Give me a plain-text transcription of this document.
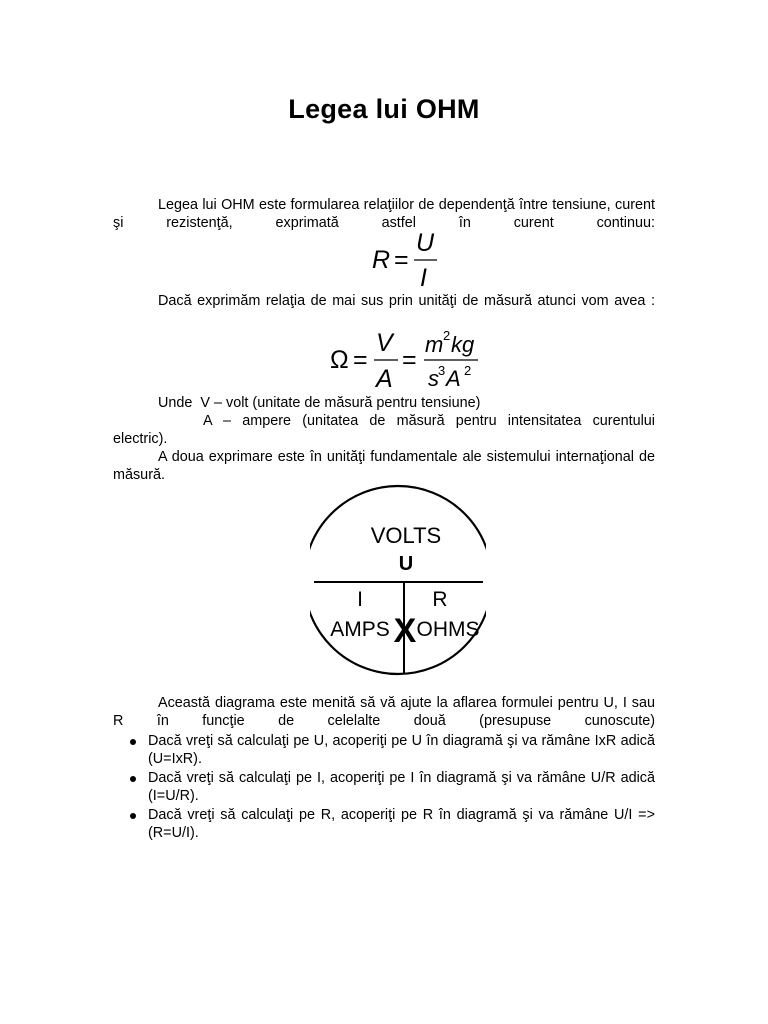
Legea lui OHM
Legea lui OHM este formularea relaţiilor de dependenţă între tensiune, curent şi rezistenţă, exprimată astfel în curent continuu:
R =
U
I
Dacă exprimăm relaţia de mai sus prin unităţi de măsură atunci vom avea :
Ω =
V
A
=
m 2 kg
s 3 A 2
Unde V – volt (unitate de măsură pentru tensiune)
A – ampere (unitatea de măsură pentru intensitatea curentului
electric).
A doua exprimare este în unităţi fundamentale ale sistemului internaţional de măsură.
VOLTS
U
I	R
AMPS OHMS
X
Această diagrama este menită să vă ajute la aflarea formulei pentru U, I sau R în funcţie de celelalte două (presupuse cunoscute)
Dacă vreţi să calculaţi pe U, acoperiţi pe U în diagramă şi va rămâne IxR adică (U=IxR).
Dacă vreţi să calculaţi pe I, acoperiţi pe I în diagramă şi va rămâne U/R adică (I=U/R).
Dacă vreţi să calculaţi pe R, acoperiţi pe R în diagramă şi va rămâne U/I => (R=U/I).
